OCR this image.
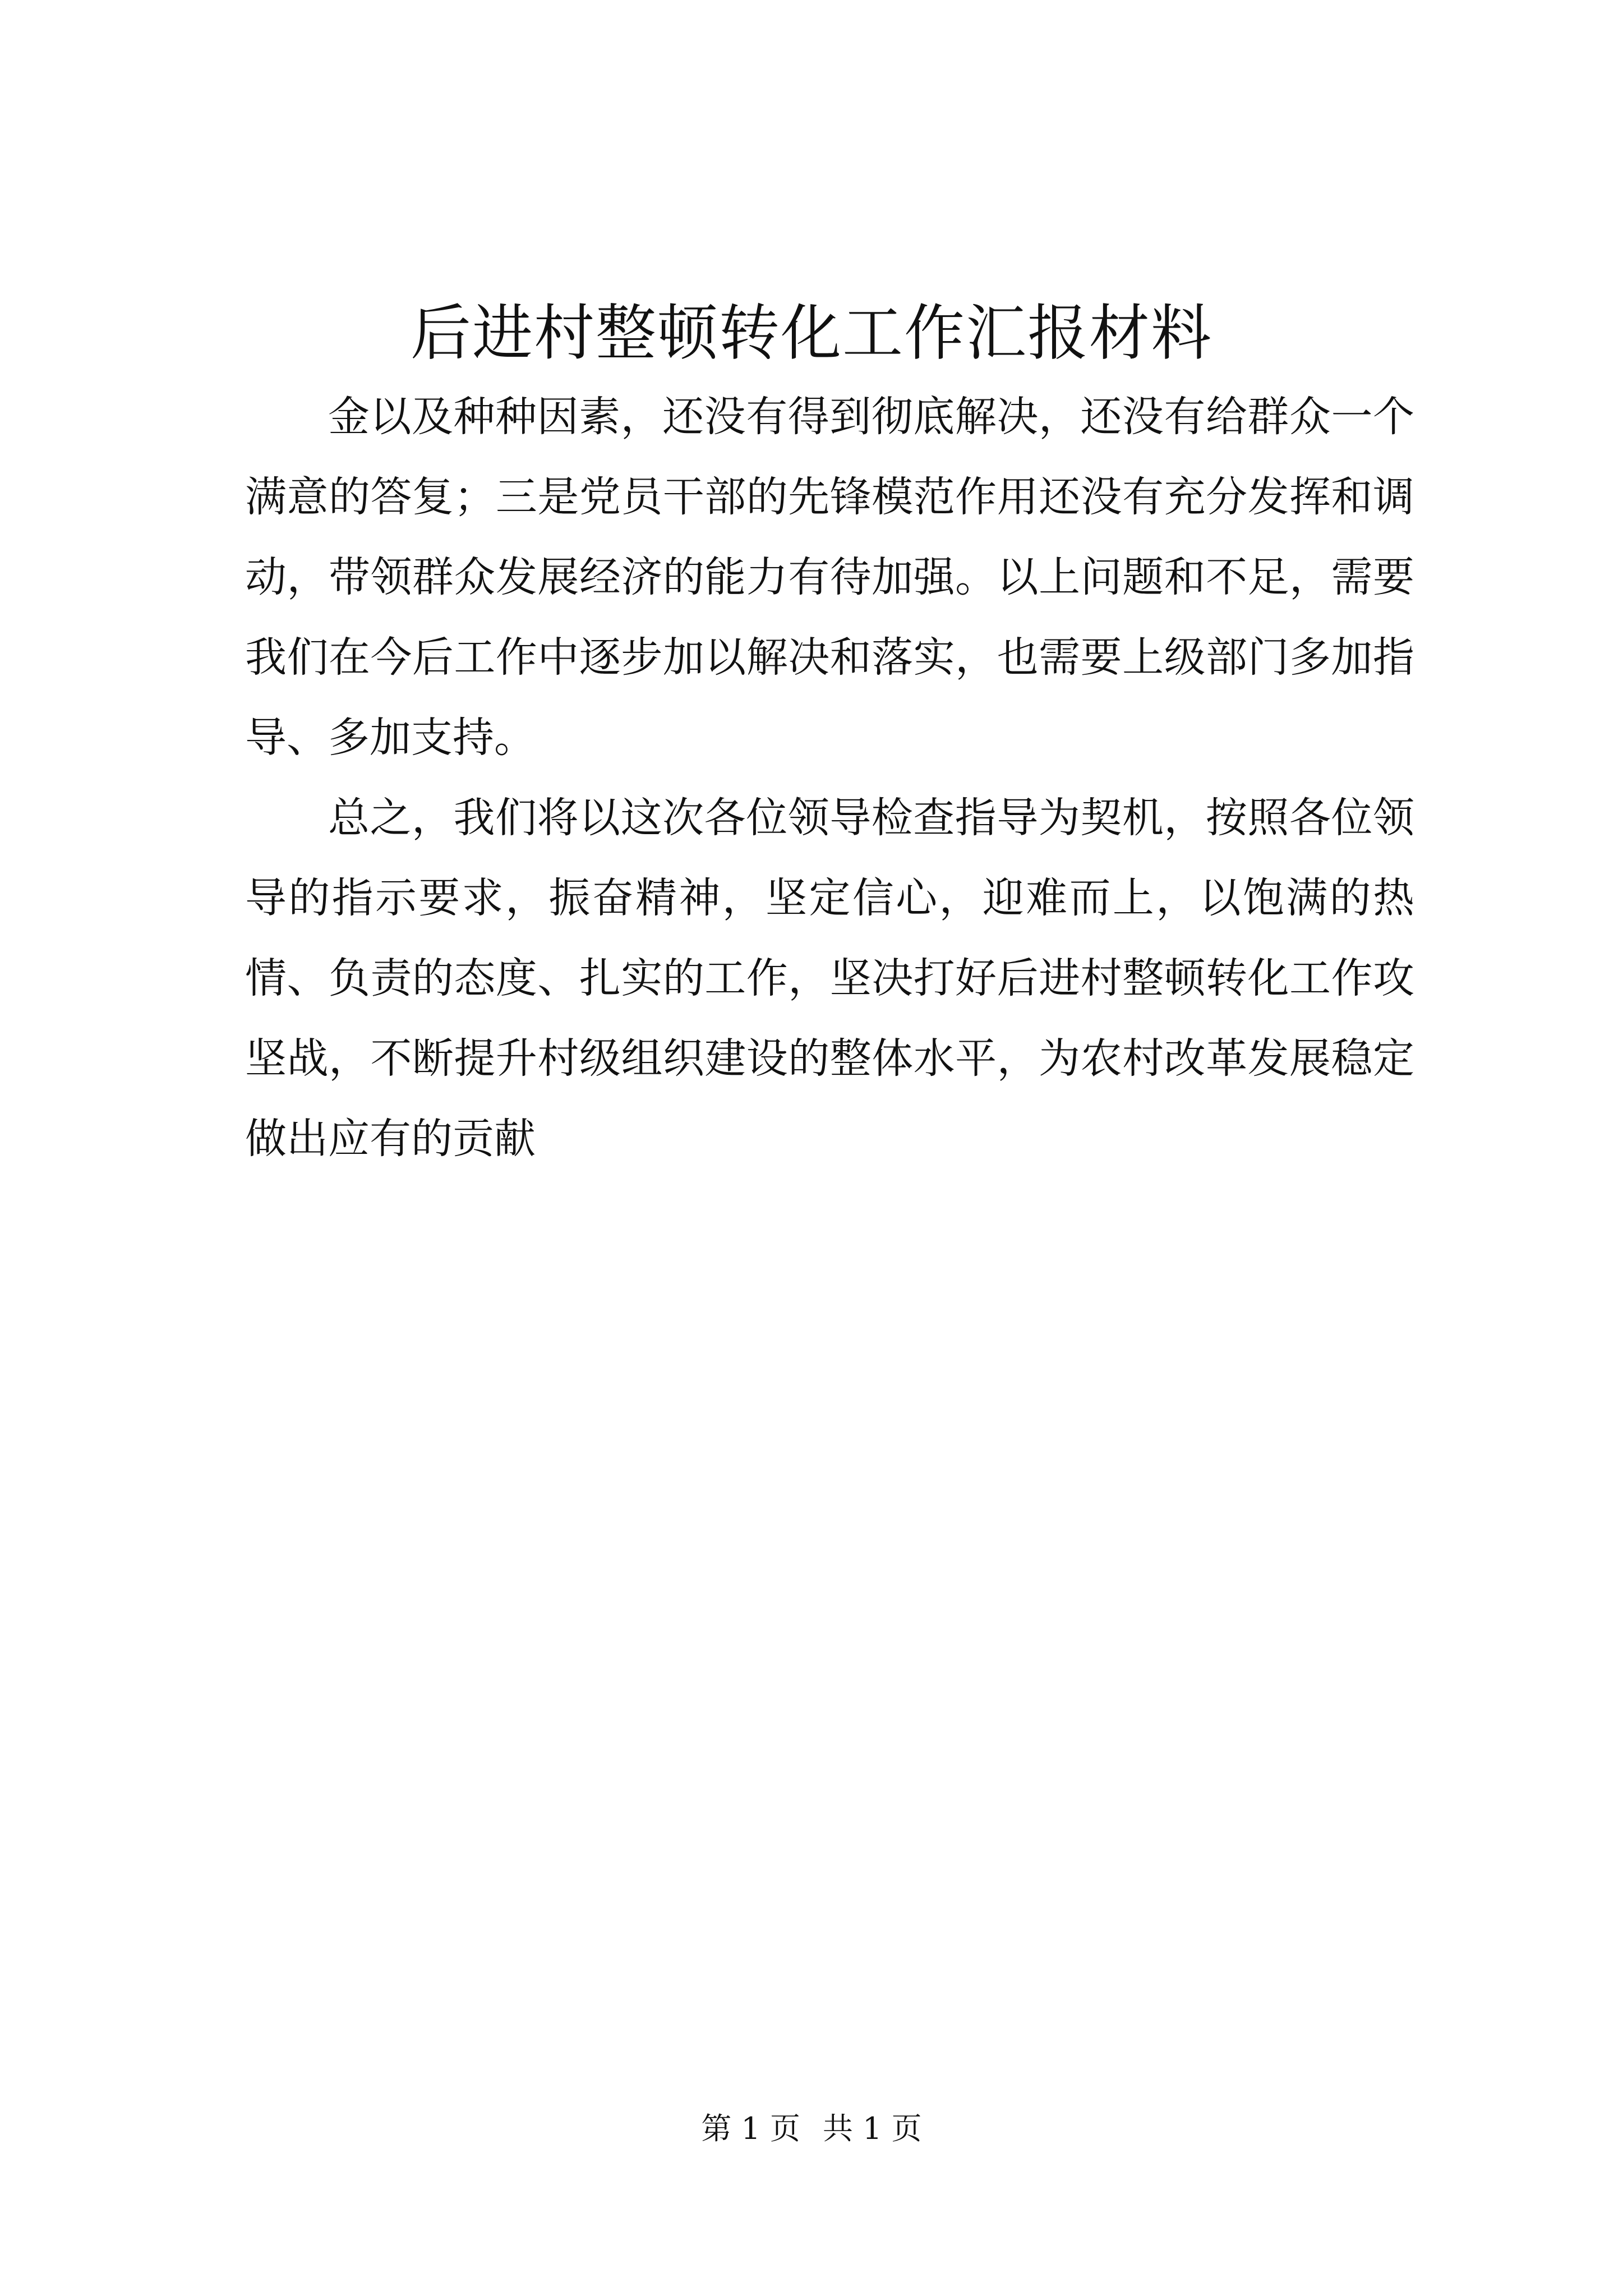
后进村整顿转化工作汇报材料

金以及种种因素，还没有得到彻底解决，还没有给群众一个满意的答复；三是党员干部的先锋模范作用还没有充分发挥和调动，带领群众发展经济的能力有待加强。以上问题和不足，需要我们在今后工作中逐步加以解决和落实，也需要上级部门多加指导、多加支持。

总之，我们将以这次各位领导检查指导为契机，按照各位领导的指示要求，振奋精神，坚定信心，迎难而上，以饱满的热情、负责的态度、扎实的工作，坚决打好后进村整顿转化工作攻坚战，不断提升村级组织建设的整体水平，为农村改革发展稳定做出应有的贡献

第 1 页 共 1 页
